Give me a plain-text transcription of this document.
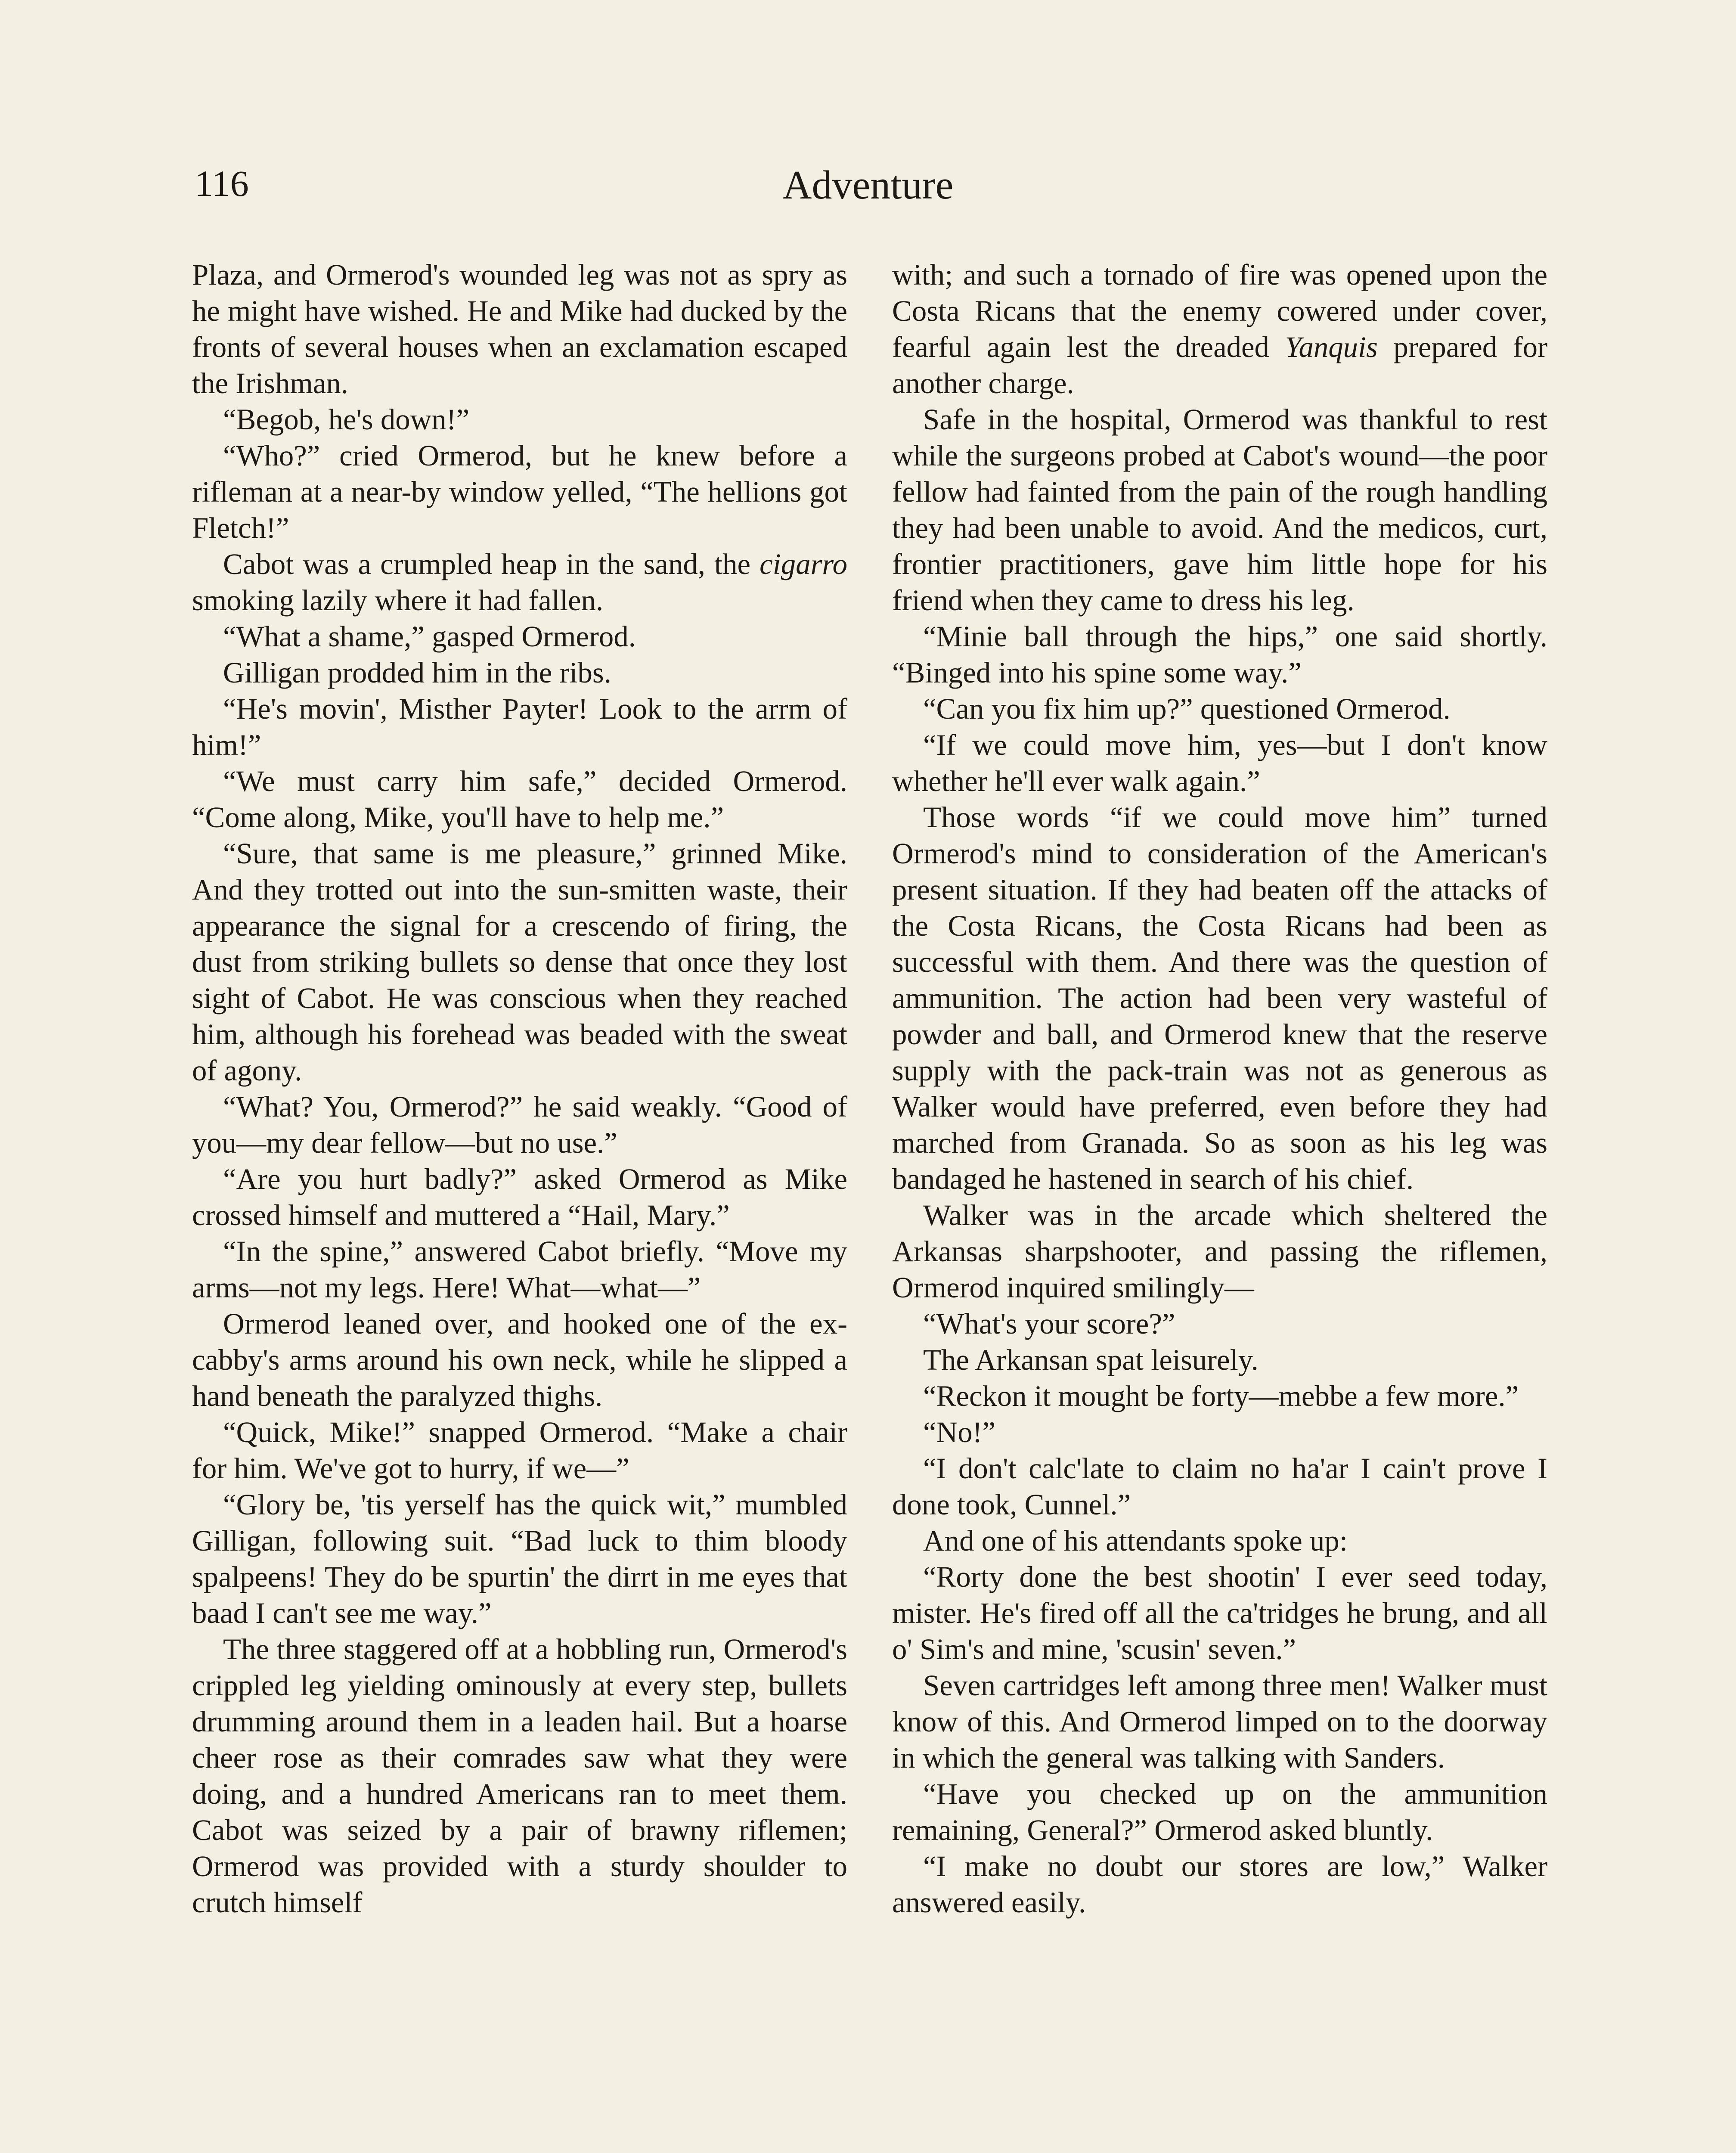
116	Adventure

Plaza, and Ormerod's wounded leg was not as spry as he might have wished. He and Mike had ducked by the fronts of several houses when an exclamation escaped the Irishman.

“Begob, he's down!”

“Who?” cried Ormerod, but he knew before a rifleman at a near-by window yelled, “The hellions got Fletch!”

Cabot was a crumpled heap in the sand, the cigarro smoking lazily where it had fallen.

“What a shame,” gasped Ormerod.

Gilligan prodded him in the ribs.

“He's movin', Misther Payter! Look to the arrm of him!”

“We must carry him safe,” decided Ormerod. “Come along, Mike, you'll have to help me.”

“Sure, that same is me pleasure,” grinned Mike. And they trotted out into the sun-smitten waste, their appearance the signal for a crescendo of firing, the dust from striking bullets so dense that once they lost sight of Cabot. He was conscious when they reached him, although his forehead was beaded with the sweat of agony.

“What? You, Ormerod?” he said weakly. “Good of you—my dear fellow—but no use.”

“Are you hurt badly?” asked Ormerod as Mike crossed himself and muttered a “Hail, Mary.”

“In the spine,” answered Cabot briefly. “Move my arms—not my legs. Here! What—what—”

Ormerod leaned over, and hooked one of the ex-cabby's arms around his own neck, while he slipped a hand beneath the paralyzed thighs.

“Quick, Mike!” snapped Ormerod. “Make a chair for him. We've got to hurry, if we—”

“Glory be, 'tis yerself has the quick wit,” mumbled Gilligan, following suit. “Bad luck to thim bloody spalpeens! They do be spurtin' the dirrt in me eyes that baad I can't see me way.”

The three staggered off at a hobbling run, Ormerod's crippled leg yielding ominously at every step, bullets drumming around them in a leaden hail. But a hoarse cheer rose as their comrades saw what they were doing, and a hundred Americans ran to meet them. Cabot was seized by a pair of brawny riflemen; Ormerod was provided with a sturdy shoulder to crutch himself

with; and such a tornado of fire was opened upon the Costa Ricans that the enemy cowered under cover, fearful again lest the dreaded Yanquis prepared for another charge.

Safe in the hospital, Ormerod was thankful to rest while the surgeons probed at Cabot's wound—the poor fellow had fainted from the pain of the rough handling they had been unable to avoid. And the medicos, curt, frontier practitioners, gave him little hope for his friend when they came to dress his leg.

“Minie ball through the hips,” one said shortly. “Binged into his spine some way.”

“Can you fix him up?” questioned Ormerod.

“If we could move him, yes—but I don't know whether he'll ever walk again.”

Those words “if we could move him” turned Ormerod's mind to consideration of the American's present situation. If they had beaten off the attacks of the Costa Ricans, the Costa Ricans had been as successful with them. And there was the question of ammunition. The action had been very wasteful of powder and ball, and Ormerod knew that the reserve supply with the pack-train was not as generous as Walker would have preferred, even before they had marched from Granada. So as soon as his leg was bandaged he hastened in search of his chief.

Walker was in the arcade which sheltered the Arkansas sharpshooter, and passing the riflemen, Ormerod inquired smilingly—

“What's your score?”

The Arkansan spat leisurely.

“Reckon it mought be forty—mebbe a few more.”

“No!”

“I don't calc'late to claim no ha'ar I cain't prove I done took, Cunnel.”

And one of his attendants spoke up:

“Rorty done the best shootin' I ever seed today, mister. He's fired off all the ca'tridges he brung, and all o' Sim's and mine, 'scusin' seven.”

Seven cartridges left among three men! Walker must know of this. And Ormerod limped on to the doorway in which the general was talking with Sanders.

“Have you checked up on the ammunition remaining, General?” Ormerod asked bluntly.

“I make no doubt our stores are low,” Walker answered easily.
